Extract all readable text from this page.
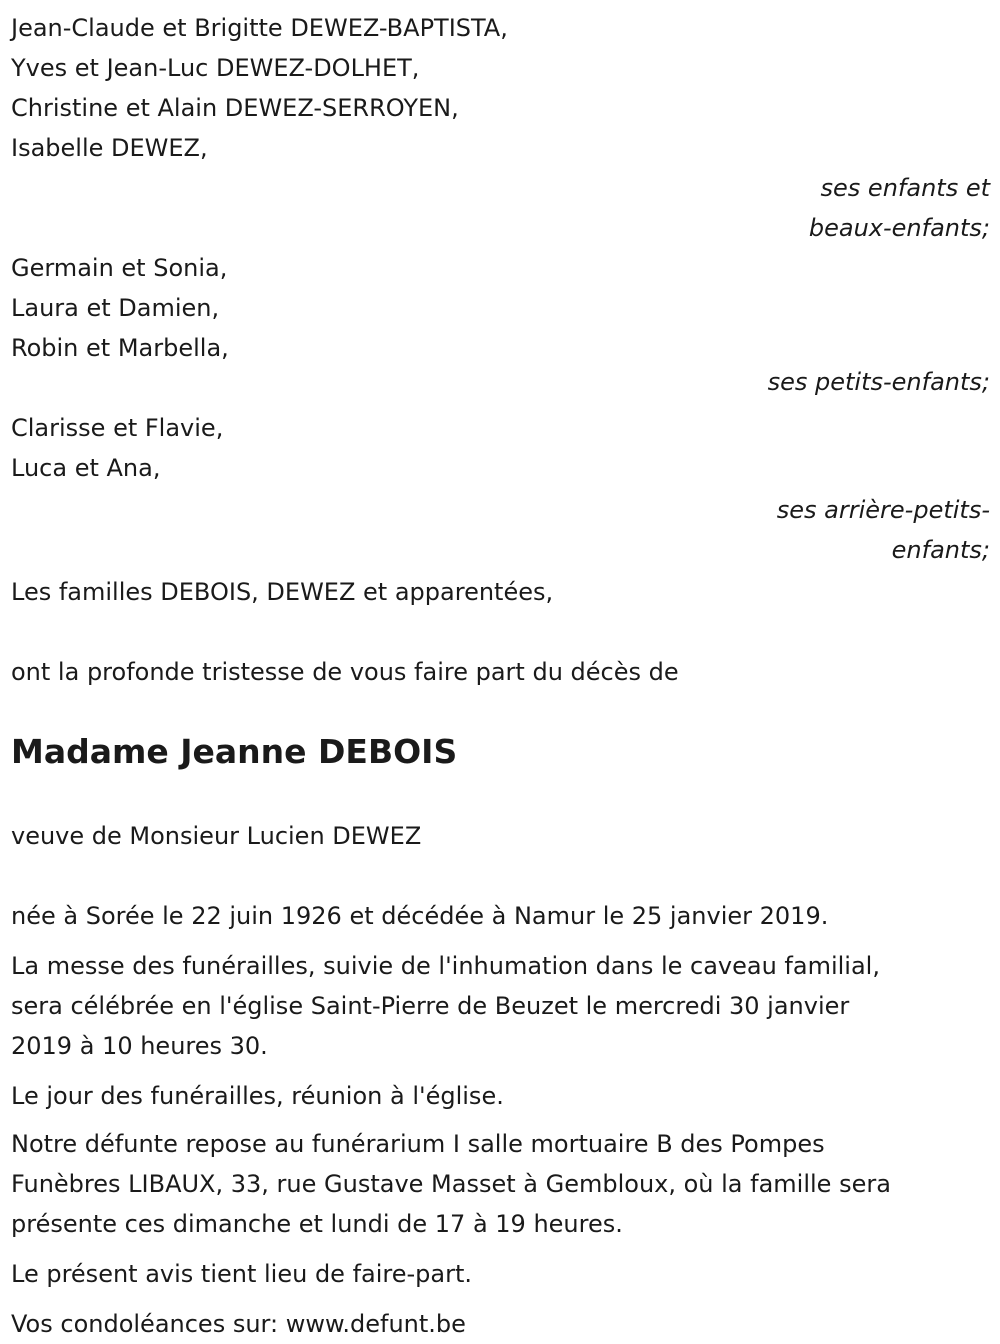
Jean-Claude et Brigitte DEWEZ-BAPTISTA,
Yves et Jean-Luc DEWEZ-DOLHET,
Christine et Alain DEWEZ-SERROYEN,
Isabelle DEWEZ,
ses enfants et
beaux-enfants;
Germain et Sonia,
Laura et Damien,
Robin et Marbella,
ses petits-enfants;
Clarisse et Flavie,
Luca et Ana,
ses arrière-petits-
enfants;
Les familles DEBOIS, DEWEZ et apparentées,
ont la profonde tristesse de vous faire part du décès de
Madame Jeanne DEBOIS
veuve de Monsieur Lucien DEWEZ
née à Sorée le 22 juin 1926 et décédée à Namur le 25 janvier 2019.
La messe des funérailles, suivie de l'inhumation dans le caveau familial,
sera célébrée en l'église Saint-Pierre de Beuzet le mercredi 30 janvier
2019 à 10 heures 30.
Le jour des funérailles, réunion à l'église.
Notre défunte repose au funérarium I salle mortuaire B des Pompes
Funèbres LIBAUX, 33, rue Gustave Masset à Gembloux, où la famille sera
présente ces dimanche et lundi de 17 à 19 heures.
Le présent avis tient lieu de faire-part.
Vos condoléances sur: www.defunt.be
